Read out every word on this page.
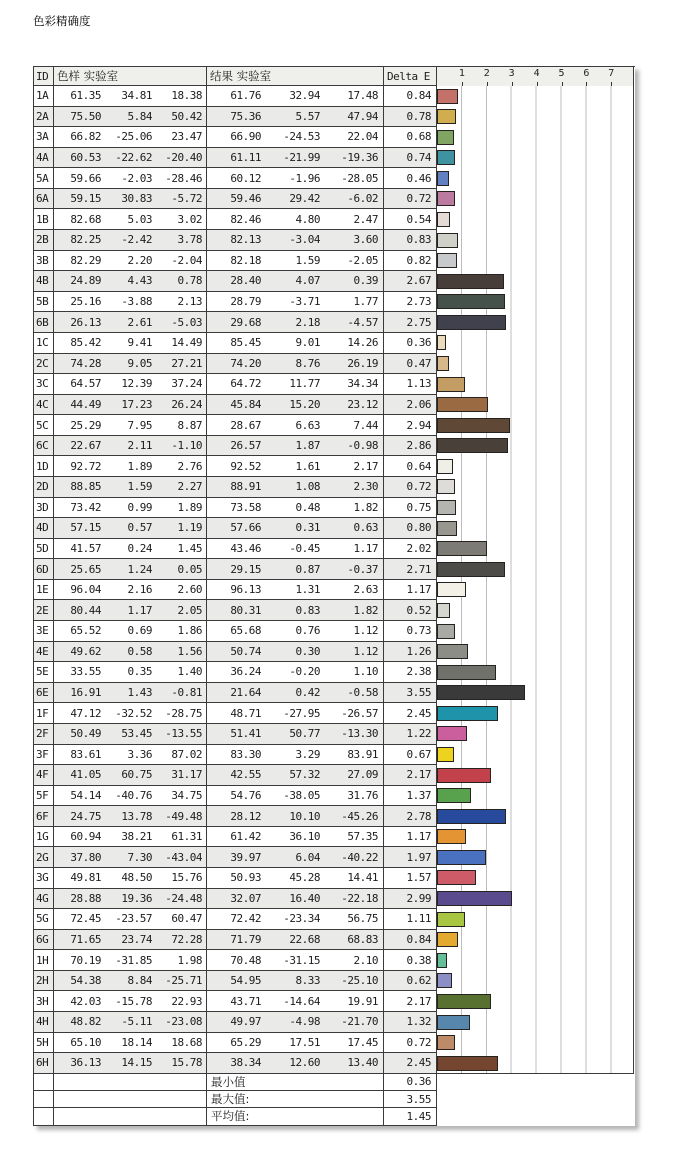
色彩精确度
ID 色样 实验室	结果 实验室	Delta E	1 2 3 4 5 6 7
1A	61.35	34.81	18.38	61.76	32.94	17.48	0.84
2A	75.50	5.84	50.42	75.36	5.57	47.94	0.78
3A	66.82	-25.06	23.47	66.90	-24.53	22.04	0.68
4A	60.53	-22.62	-20.40	61.11	-21.99	-19.36	0.74
5A	59.66	-2.03	-28.46	60.12	-1.96	-28.05	0.46
6A	59.15	30.83	-5.72	59.46	29.42	-6.02	0.72
1B	82.68	5.03	3.02	82.46	4.80	2.47	0.54
2B	82.25	-2.42	3.78	82.13	-3.04	3.60	0.83
3B	82.29	2.20	-2.04	82.18	1.59	-2.05	0.82
4B	24.89	4.43	0.78	28.40	4.07	0.39	2.67
5B	25.16	-3.88	2.13	28.79	-3.71	1.77	2.73
6B	26.13	2.61	-5.03	29.68	2.18	-4.57	2.75
1C	85.42	9.41	14.49	85.45	9.01	14.26	0.36
2C	74.28	9.05	27.21	74.20	8.76	26.19	0.47
3C	64.57	12.39	37.24	64.72	11.77	34.34	1.13
4C	44.49	17.23	26.24	45.84	15.20	23.12	2.06
5C	25.29	7.95	8.87	28.67	6.63	7.44	2.94
6C	22.67	2.11	-1.10	26.57	1.87	-0.98	2.86
1D	92.72	1.89	2.76	92.52	1.61	2.17	0.64
2D	88.85	1.59	2.27	88.91	1.08	2.30	0.72
3D	73.42	0.99	1.89	73.58	0.48	1.82	0.75
4D	57.15	0.57	1.19	57.66	0.31	0.63	0.80
5D	41.57	0.24	1.45	43.46	-0.45	1.17	2.02
6D	25.65	1.24	0.05	29.15	0.87	-0.37	2.71
1E	96.04	2.16	2.60	96.13	1.31	2.63	1.17
2E	80.44	1.17	2.05	80.31	0.83	1.82	0.52
3E	65.52	0.69	1.86	65.68	0.76	1.12	0.73
4E	49.62	0.58	1.56	50.74	0.30	1.12	1.26
5E	33.55	0.35	1.40	36.24	-0.20	1.10	2.38
6E	16.91	1.43	-0.81	21.64	0.42	-0.58	3.55
1F	47.12	-32.52	-28.75	48.71	-27.95	-26.57	2.45
2F	50.49	53.45	-13.55	51.41	50.77	-13.30	1.22
3F	83.61	3.36	87.02	83.30	3.29	83.91	0.67
4F	41.05	60.75	31.17	42.55	57.32	27.09	2.17
5F	54.14	-40.76	34.75	54.76	-38.05	31.76	1.37
6F	24.75	13.78	-49.48	28.12	10.10	-45.26	2.78
1G	60.94	38.21	61.31	61.42	36.10	57.35	1.17
2G	37.80	7.30	-43.04	39.97	6.04	-40.22	1.97
3G	49.81	48.50	15.76	50.93	45.28	14.41	1.57
4G	28.88	19.36	-24.48	32.07	16.40	-22.18	2.99
5G	72.45	-23.57	60.47	72.42	-23.34	56.75	1.11
6G	71.65	23.74	72.28	71.79	22.68	68.83	0.84
1H	70.19	-31.85	1.98	70.48	-31.15	2.10	0.38
2H	54.38	8.84	-25.71	54.95	8.33	-25.10	0.62
3H	42.03	-15.78	22.93	43.71	-14.64	19.91	2.17
4H	48.82	-5.11	-23.08	49.97	-4.98	-21.70	1.32
5H	65.10	18.14	18.68	65.29	17.51	17.45	0.72
6H	36.13	14.15	15.78	38.34	12.60	13.40	2.45
最小值	0.36
最大值:	3.55
平均值:	1.45
